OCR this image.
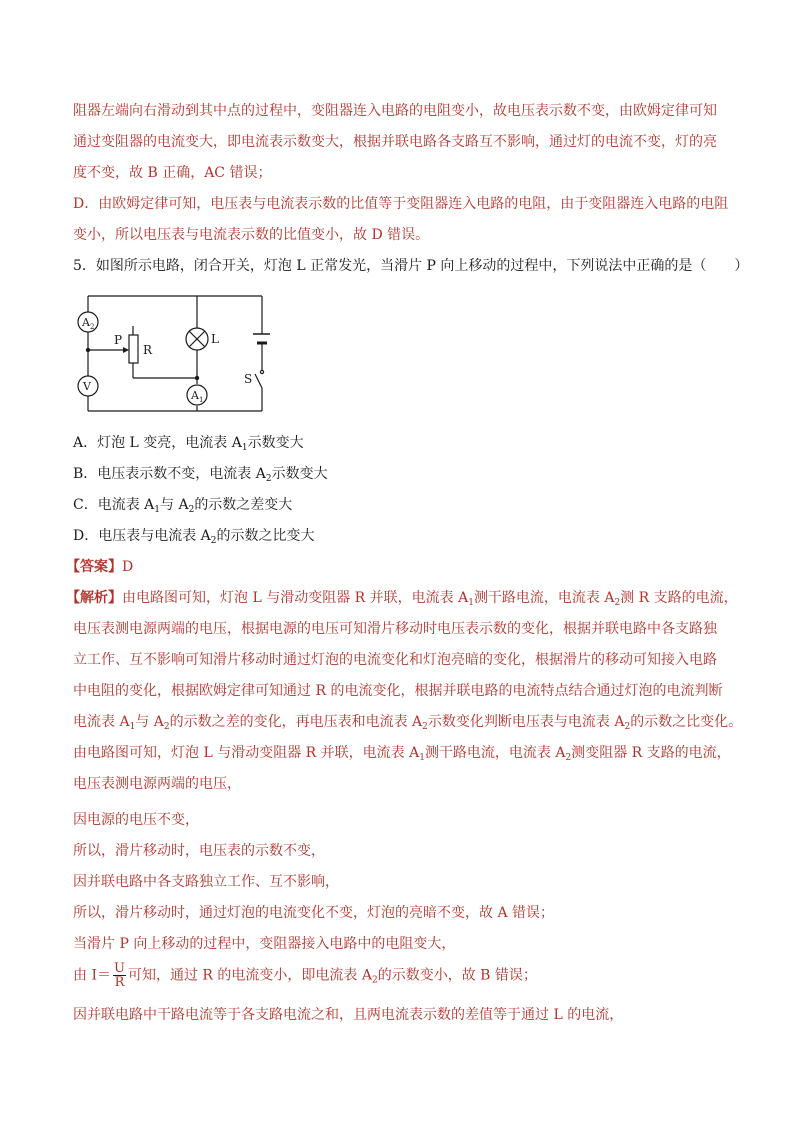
阻器左端向右滑动到其中点的过程中，变阻器连入电路的电阻变小，故电压表示数不变，由欧姆定律可知
通过变阻器的电流变大，即电流表示数变大，根据并联电路各支路互不影响，通过灯的电流不变，灯的亮
度不变，故 B 正确，AC 错误；
D．由欧姆定律可知，电压表与电流表示数的比值等于变阻器连入电路的电阻，由于变阻器连入电路的电阻
变小，所以电压表与电流表示数的比值变小，故 D 错误。
5．如图所示电路，闭合开关，灯泡 L 正常发光，当滑片 P 向上移动的过程中，下列说法中正确的是（　　）
A 2
V
A 1
P
R
L
S
A．灯泡 L 变亮，电流表 $A_1$示数变大
B．电压表示数不变，电流表 $A_2$示数变大
C．电流表 $A_1$与 $A_2$的示数之差变大
D．电压表与电流表 $A_2$的示数之比变大
【答案】D
【解析】由电路图可知，灯泡 L 与滑动变阻器 R 并联，电流表 $A_1$测干路电流，电流表 $A_2$测 R 支路的电流，
电压表测电源两端的电压，根据电源的电压可知滑片移动时电压表示数的变化，根据并联电路中各支路独
立工作、互不影响可知滑片移动时通过灯泡的电流变化和灯泡亮暗的变化，根据滑片的移动可知接入电路
中电阻的变化，根据欧姆定律可知通过 R 的电流变化，根据并联电路的电流特点结合通过灯泡的电流判断
电流表 $A_1$与 $A_2$的示数之差的变化，再电压表和电流表 $A_2$示数变化判断电压表与电流表 $A_2$的示数之比变化。
由电路图可知，灯泡 L 与滑动变阻器 R 并联，电流表 $A_1$测干路电流，电流表 $A_2$测变阻器 R 支路的电流，
电压表测电源两端的电压，
因电源的电压不变，
所以，滑片移动时，电压表的示数不变，
因并联电路中各支路独立工作、互不影响，
所以，滑片移动时，通过灯泡的电流变化不变，灯泡的亮暗不变，故 A 错误；
当滑片 P 向上移动的过程中，变阻器接入电路中的电阻变大，
由 $I= \frac{U}{R}$ 可知，通过 R 的电流变小，即电流表 $A_2$的示数变小，故 B 错误；
因并联电路中干路电流等于各支路电流之和，且两电流表示数的差值等于通过 L 的电流，
